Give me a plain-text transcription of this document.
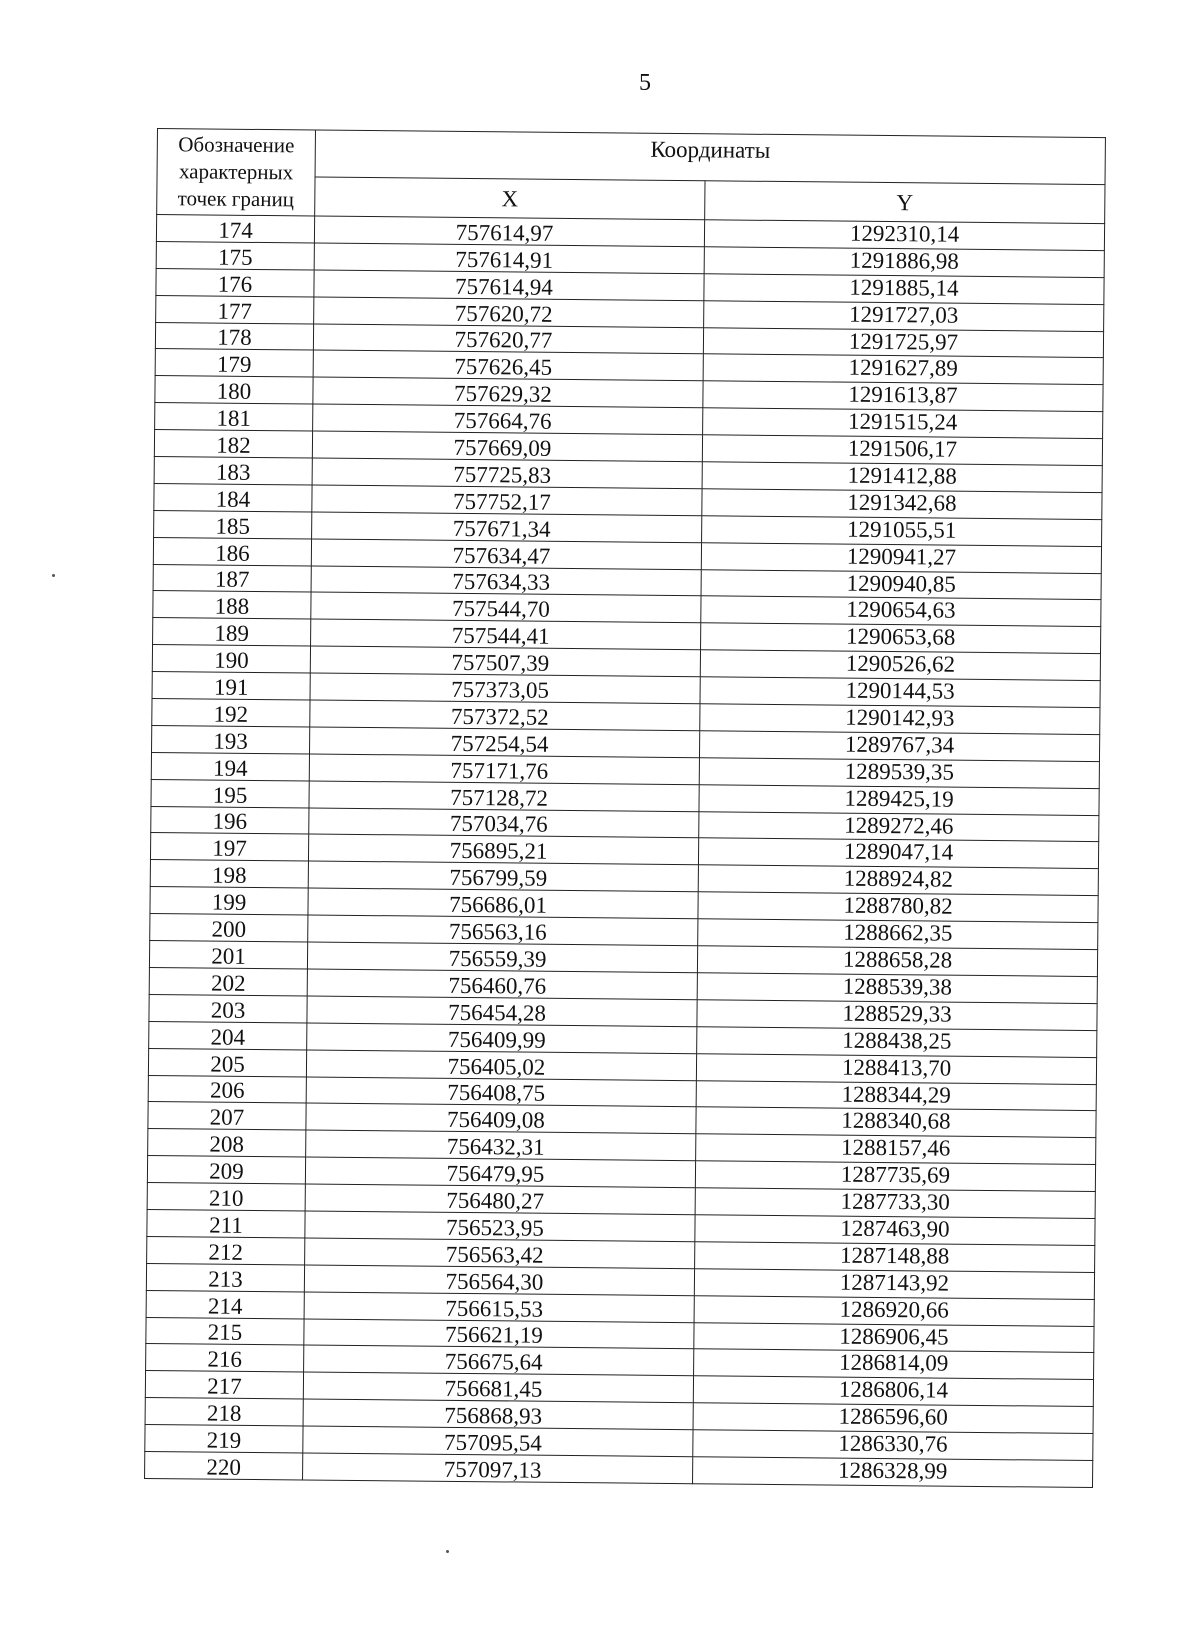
5
Обозначение характерных точек границ	Координаты	
	X	Y
174	757614,97	1292310,14
175	757614,91	1291886,98
176	757614,94	1291885,14
177	757620,72	1291727,03
178	757620,77	1291725,97
179	757626,45	1291627,89
180	757629,32	1291613,87
181	757664,76	1291515,24
182	757669,09	1291506,17
183	757725,83	1291412,88
184	757752,17	1291342,68
185	757671,34	1291055,51
186	757634,47	1290941,27
187	757634,33	1290940,85
188	757544,70	1290654,63
189	757544,41	1290653,68
190	757507,39	1290526,62
191	757373,05	1290144,53
192	757372,52	1290142,93
193	757254,54	1289767,34
194	757171,76	1289539,35
195	757128,72	1289425,19
196	757034,76	1289272,46
197	756895,21	1289047,14
198	756799,59	1288924,82
199	756686,01	1288780,82
200	756563,16	1288662,35
201	756559,39	1288658,28
202	756460,76	1288539,38
203	756454,28	1288529,33
204	756409,99	1288438,25
205	756405,02	1288413,70
206	756408,75	1288344,29
207	756409,08	1288340,68
208	756432,31	1288157,46
209	756479,95	1287735,69
210	756480,27	1287733,30
211	756523,95	1287463,90
212	756563,42	1287148,88
213	756564,30	1287143,92
214	756615,53	1286920,66
215	756621,19	1286906,45
216	756675,64	1286814,09
217	756681,45	1286806,14
218	756868,93	1286596,60
219	757095,54	1286330,76
220	757097,13	1286328,99
